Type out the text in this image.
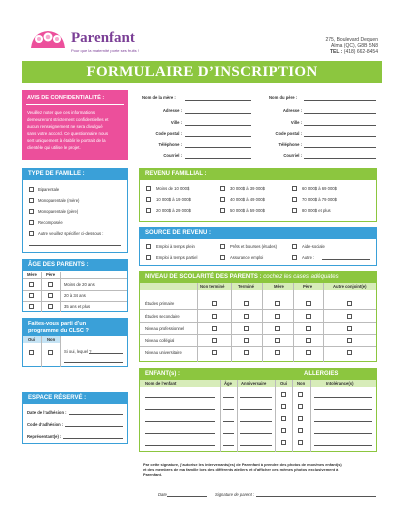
Parenfant
Pour que la maternité porte ses fruits !
275, Boulevard Dequen
Alma (QC), G8B 5N8
TEL : (418) 662-8454
FORMULAIRE D’INSCRIPTION
AVIS DE CONFIDENTIALITÉ :
Veuillez noter que ces informations
demeureront strictement confidentielles et
aucun renseignement ne sera divulgué
sans votre accord. Ce questionnaire nous
sert uniquement à établir le portrait de la
clientèle qui utilise le projet.
Nom de la mère :	Nom du père :
Adresse :	Adresse :
Ville :	Ville :
Code postal :	Code postal :
Téléphone :	Téléphone :
Courriel :	Courriel :
TYPE DE FAMILLE :
Biparentale
Monoparentale (mère)
Monoparentale (père)
Recomposée
Autre veuillez spécifier ci-dessous :
REVENU FAMILLIAL :
Moins de 10 000$
10 000$ à 19 000$
20 000$ à 29 000$
30 000$ à 39 000$
40 000$ à 49 000$
50 000$ à 59 000$
60 000$ à 69 000$
70 000$ à 79 000$
80 000$ et plus
SOURCE DE REVENU :
Emploi à temps plein	Prêts et bourses (études)	Aide-sociale
Emploi à temps partiel	Assurance emploi	Autre :
ÂGE DES PARENTS :
Mère Père
Moins de 20 ans
20 à 34 ans
35 ans et plus
NIVEAU DE SCOLARITÉ DES PARENTS : cochez les cases adéquates
Non terminé	Terminé	Mère	Père	Autre conjoint(e)
Études primaire
Études secondaire
Niveau professionnel
Niveau collégial
Niveau universitaire
Faites-vous parti d’un
programme du CLSC ?
Oui	Non
Si oui, lequel ?
ESPACE RÉSERVÉ :
Date de l’adhésion :
Code d’adhésion :
Représentant(e) :
ENFANT(s) :	ALLERGIES
Nom de l’enfant	Âge Anniversaire	Oui Non	Intolérance(s)
Par cette signature, j’autorise les intervenants(es) de Parenfant à prendre des photos de mon/mes enfant(s)
et des membres de ma famille lors des différents ateliers et d’afficher ces mêmes photos exclusivement à
Parenfant.
Date	Signature de parent :
